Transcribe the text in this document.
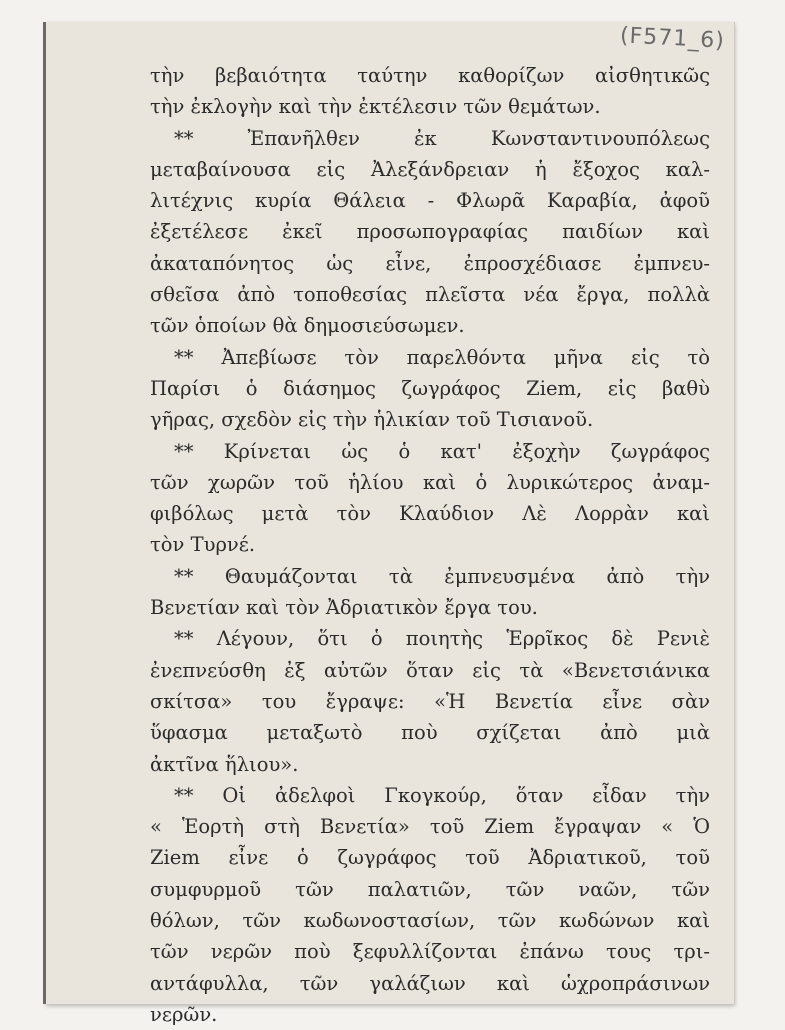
(F571_6)
τὴν βεβαιότητα ταύτην καθορίζων αἰσθητικῶς
τὴν ἐκλογὴν καὶ τὴν ἐκτέλεσιν τῶν θεμάτων.
** Ἐπανῆλθεν ἐκ Κωνσταντινουπόλεως
μεταβαίνουσα εἰς Ἀλεξάνδρειαν ἡ ἔξοχος καλ-
λιτέχνις κυρία Θάλεια - Φλωρᾶ Καραβία, ἀφοῦ
ἐξετέλεσε ἐκεῖ προσωπογραφίας παιδίων καὶ
ἀκαταπόνητος ὡς εἶνε, ἐπροσχέδιασε ἐμπνευ-
σθεῖσα ἀπὸ τοποθεσίας πλεῖστα νέα ἔργα, πολλὰ
τῶν ὁποίων θὰ δημοσιεύσωμεν.
** Ἀπεβίωσε τὸν παρελθόντα μῆνα εἰς τὸ
Παρίσι ὁ διάσημος ζωγράφος Ziem, εἰς βαθὺ
γῆρας, σχεδὸν εἰς τὴν ἡλικίαν τοῦ Τισιανοῦ.
** Κρίνεται ὡς ὁ κατ' ἐξοχὴν ζωγράφος
τῶν χωρῶν τοῦ ἡλίου καὶ ὁ λυρικώτερος ἀναμ-
φιβόλως μετὰ τὸν Κλαύδιον Λὲ Λορρὰν καὶ
τὸν Τυρνέ.
** Θαυμάζονται τὰ ἐμπνευσμένα ἀπὸ τὴν
Βενετίαν καὶ τὸν Ἀδριατικὸν ἔργα του.
** Λέγουν, ὅτι ὁ ποιητὴς Ἑρρῖκος δὲ Ρενιὲ
ἐνεπνεύσθη ἐξ αὐτῶν ὅταν εἰς τὰ «Βενετσιάνικα
σκίτσα» του ἔγραψε: «Ἡ Βενετία εἶνε σὰν
ὕφασμα μεταξωτὸ ποὺ σχίζεται ἀπὸ μιὰ
ἀκτῖνα ἥλιου».
** Οἱ ἀδελφοὶ Γκογκούρ, ὅταν εἶδαν τὴν
« Ἑορτὴ στὴ Βενετία» τοῦ Ziem ἔγραψαν « Ὁ
Ziem εἶνε ὁ ζωγράφος τοῦ Ἀδριατικοῦ, τοῦ
συμφυρμοῦ τῶν παλατιῶν, τῶν ναῶν, τῶν
θόλων, τῶν κωδωνοστασίων, τῶν κωδώνων καὶ
τῶν νερῶν ποὺ ξεφυλλίζονται ἐπάνω τους τρι-
αντάφυλλα, τῶν γαλάζιων καὶ ὡχροπράσινων
νερῶν.
